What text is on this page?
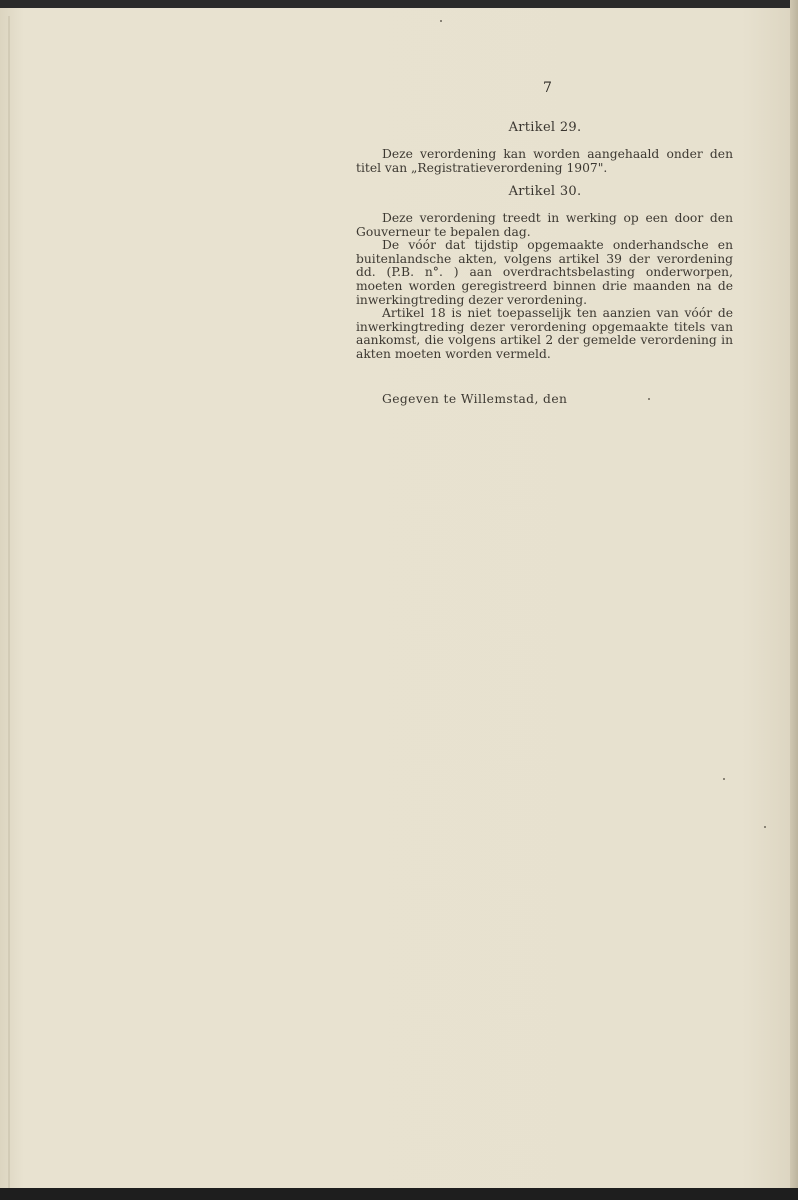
7
Artikel 29.

Deze verordening kan worden aangehaald onder den titel van „Registratieverordening 1907".

Artikel 30.

Deze verordening treedt in werking op een door den Gouverneur te bepalen dag.

De vóór dat tijdstip opgemaakte onderhandsche en buitenlandsche akten, volgens artikel 39 der verordening dd. (P.B. n°. ) aan overdrachtsbelasting onderworpen, moeten worden geregistreerd binnen drie maanden na de inwerkingtreding dezer verordening.

Artikel 18 is niet toepasselijk ten aanzien van vóór de inwerkingtreding dezer verordening opgemaakte titels van aankomst, die volgens artikel 2 der gemelde verordening in akten moeten worden vermeld.

Gegeven te Willemstad, den
